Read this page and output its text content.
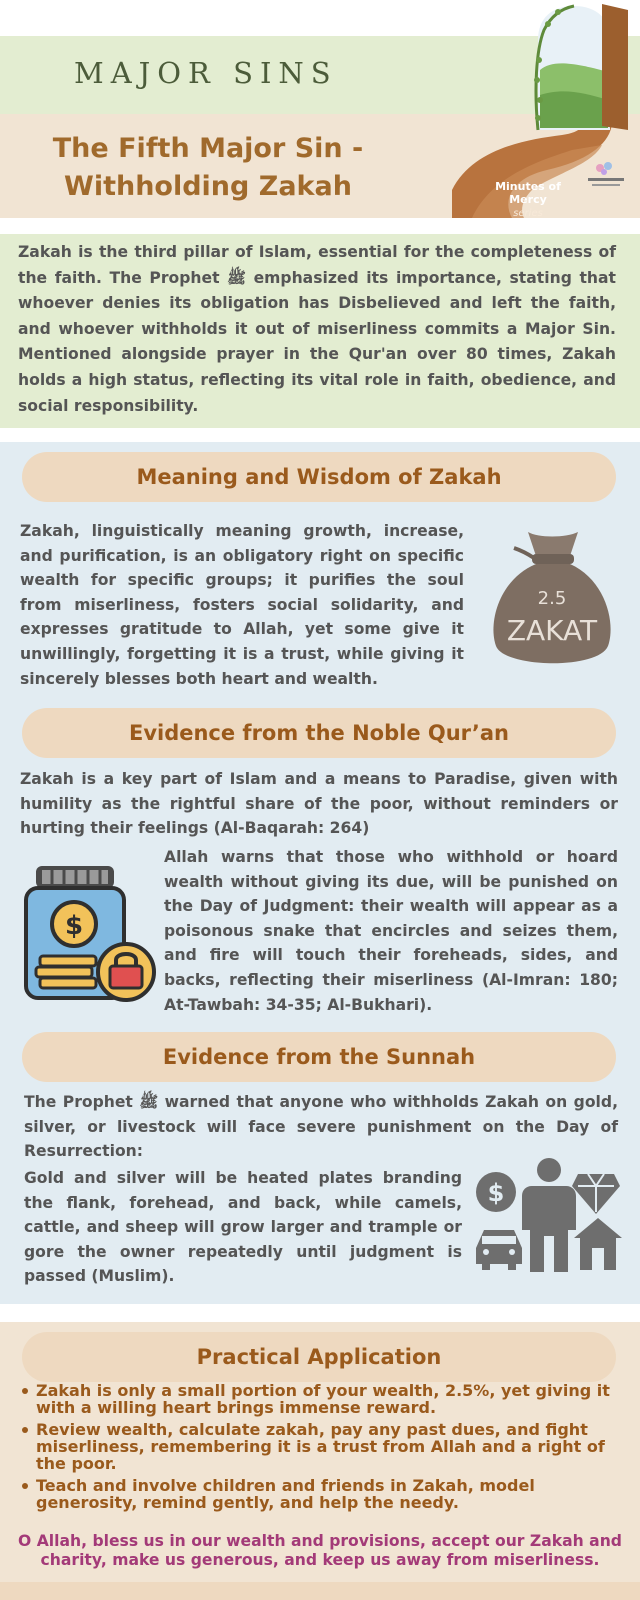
MAJOR SINS
The Fifth Major Sin - Withholding Zakah	Minutes of Mercy
series
Zakah is the third pillar of Islam, essential for the completeness of the faith. The Prophet ﷺ emphasized its importance, stating that whoever denies its obligation has Disbelieved and left the faith, and whoever withholds it out of miserliness commits a Major Sin. Mentioned alongside prayer in the Qur'an over 80 times, Zakah holds a high status, reflecting its vital role in faith, obedience, and social responsibility.
Meaning and Wisdom of Zakah
Zakah, linguistically meaning growth, increase, and purification, is an obligatory right on specific wealth for specific groups; it purifies the soul from miserliness, fosters social solidarity, and expresses gratitude to Allah, yet some give it unwillingly, forgetting it is a trust, while giving it sincerely blesses both heart and wealth.
2.5
ZAKAT
Evidence from the Noble Qur’an
Zakah is a key part of Islam and a means to Paradise, given with humility as the rightful share of the poor, without reminders or hurting their feelings (Al-Baqarah: 264)
$
Allah warns that those who withhold or hoard wealth without giving its due, will be punished on the Day of Judgment: their wealth will appear as a poisonous snake that encircles and seizes them, and fire will touch their foreheads, sides, and backs, reflecting their miserliness (Al-Imran: 180; At-Tawbah: 34-35; Al-Bukhari).
Evidence from the Sunnah
The Prophet ﷺ warned that anyone who withholds Zakah on gold, silver, or livestock will face severe punishment on the Day of Resurrection:
Gold and silver will be heated plates branding the flank, forehead, and back, while camels, cattle, and sheep will grow larger and trample or gore the owner repeatedly until judgment is passed (Muslim).
$
Practical Application
Zakah is only a small portion of your wealth, 2.5%, yet giving it with a willing heart brings immense reward.
Review wealth, calculate zakah, pay any past dues, and fight miserliness, remembering it is a trust from Allah and a right of the poor.
Teach and involve children and friends in Zakah, model generosity, remind gently, and help the needy.
O Allah, bless us in our wealth and provisions, accept our Zakah and charity, make us generous, and keep us away from miserliness.
